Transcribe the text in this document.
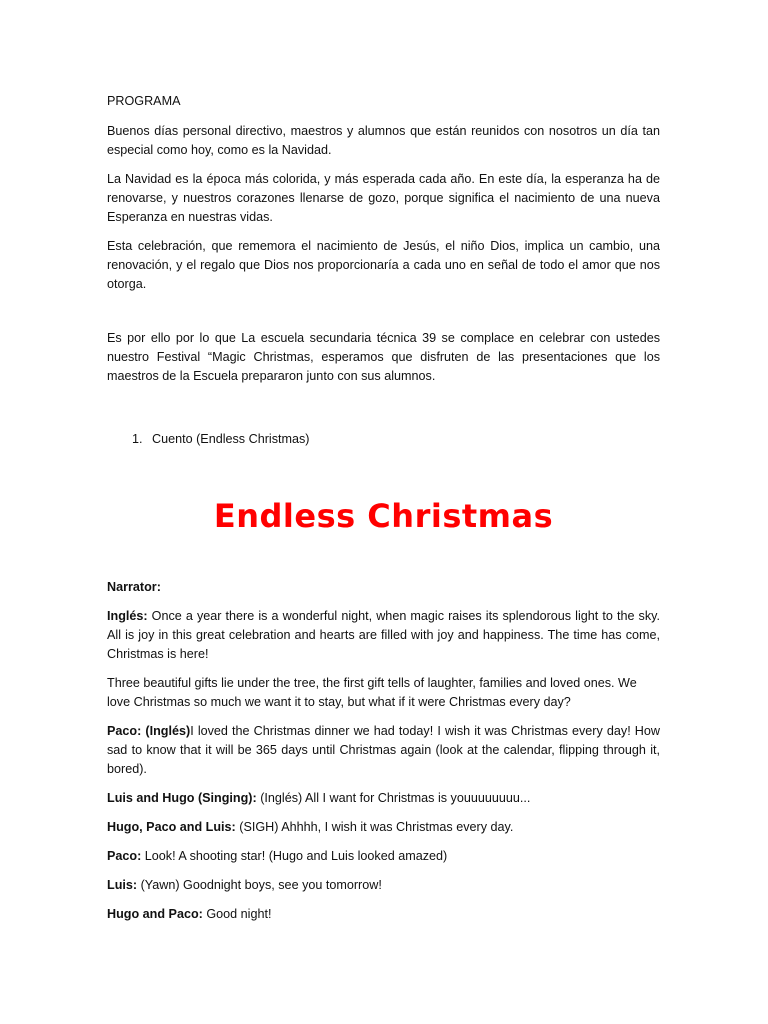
PROGRAMA

Buenos días personal directivo, maestros y alumnos que están reunidos con nosotros un día tan especial como hoy, como es la Navidad.

La Navidad es la época más colorida, y más esperada cada año. En este día, la esperanza ha de renovarse, y nuestros corazones llenarse de gozo, porque significa el nacimiento de una nueva Esperanza en nuestras vidas.

Esta celebración, que rememora el nacimiento de Jesús, el niño Dios, implica un cambio, una renovación, y el regalo que Dios nos proporcionaría a cada uno en señal de todo el amor que nos otorga.

Es por ello por lo que La escuela secundaria técnica 39 se complace en celebrar con ustedes nuestro Festival “Magic Christmas, esperamos que disfruten de las presentaciones que los maestros de la Escuela prepararon junto con sus alumnos.

1. Cuento (Endless Christmas)
Endless Christmas

Narrator:

Inglés: Once a year there is a wonderful night, when magic raises its splendorous light to the sky. All is joy in this great celebration and hearts are filled with joy and happiness. The time has come, Christmas is here!

Three beautiful gifts lie under the tree, the first gift tells of laughter, families and loved ones. We love Christmas so much we want it to stay, but what if it were Christmas every day?

Paco: (Inglés)I loved the Christmas dinner we had today! I wish it was Christmas every day! How sad to know that it will be 365 days until Christmas again (look at the calendar, flipping through it, bored).

Luis and Hugo (Singing): (Inglés) All I want for Christmas is youuuuuuuu...

Hugo, Paco and Luis: (SIGH) Ahhhh, I wish it was Christmas every day.

Paco: Look! A shooting star! (Hugo and Luis looked amazed)

Luis: (Yawn) Goodnight boys, see you tomorrow!

Hugo and Paco: Good night!
